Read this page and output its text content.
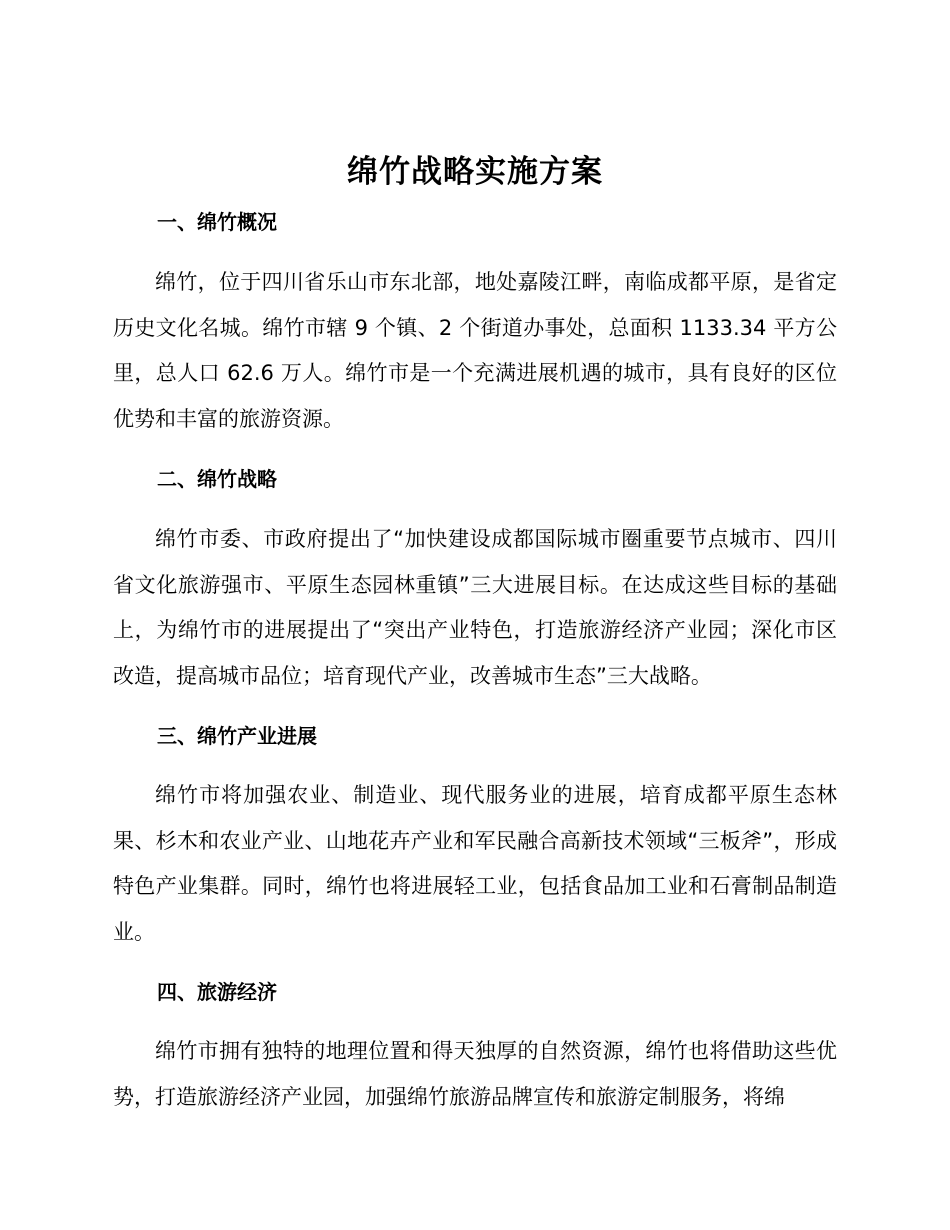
绵竹战略实施方案
一、绵竹概况

绵竹，位于四川省乐山市东北部，地处嘉陵江畔，南临成都平原，是省定历史文化名城。绵竹市辖 9 个镇、2 个街道办事处，总面积 1133.34 平方公里，总人口 62.6 万人。绵竹市是一个充满进展机遇的城市，具有良好的区位优势和丰富的旅游资源。

二、绵竹战略

绵竹市委、市政府提出了“加快建设成都国际城市圈重要节点城市、四川省文化旅游强市、平原生态园林重镇”三大进展目标。在达成这些目标的基础上，为绵竹市的进展提出了“突出产业特色，打造旅游经济产业园；深化市区改造，提高城市品位；培育现代产业，改善城市生态”三大战略。

三、绵竹产业进展

绵竹市将加强农业、制造业、现代服务业的进展，培育成都平原生态林果、杉木和农业产业、山地花卉产业和军民融合高新技术领域“三板斧”，形成特色产业集群。同时，绵竹也将进展轻工业，包括食品加工业和石膏制品制造业。

四、旅游经济

绵竹市拥有独特的地理位置和得天独厚的自然资源，绵竹也将借助这些优势，打造旅游经济产业园，加强绵竹旅游品牌宣传和旅游定制服务，将绵
